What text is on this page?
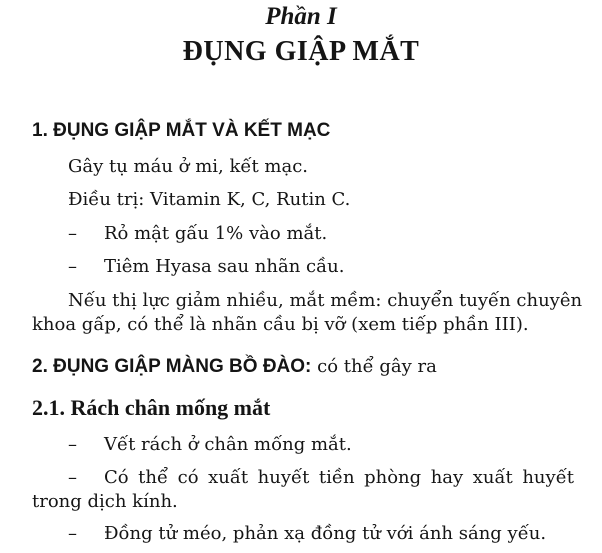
Phần I
ĐỤNG GIẬP MẮT
1. ĐỤNG GIẬP MẮT VÀ KẾT MẠC
Gây tụ máu ở mi, kết mạc.
Điều trị: Vitamin K, C, Rutin C.
– Rỏ mật gấu 1% vào mắt.
– Tiêm Hyasa sau nhãn cầu.
Nếu thị lực giảm nhiều, mắt mềm: chuyển tuyến chuyên
khoa gấp, có thể là nhãn cầu bị vỡ (xem tiếp phần III).
2. ĐỤNG GIẬP MÀNG BỒ ĐÀO: có thể gây ra
2.1. Rách chân mống mắt
– Vết rách ở chân mống mắt.
–	Có thể có xuất huyết tiền phòng hay xuất huyết
trong dịch kính.
– Đồng tử méo, phản xạ đồng tử với ánh sáng yếu.
